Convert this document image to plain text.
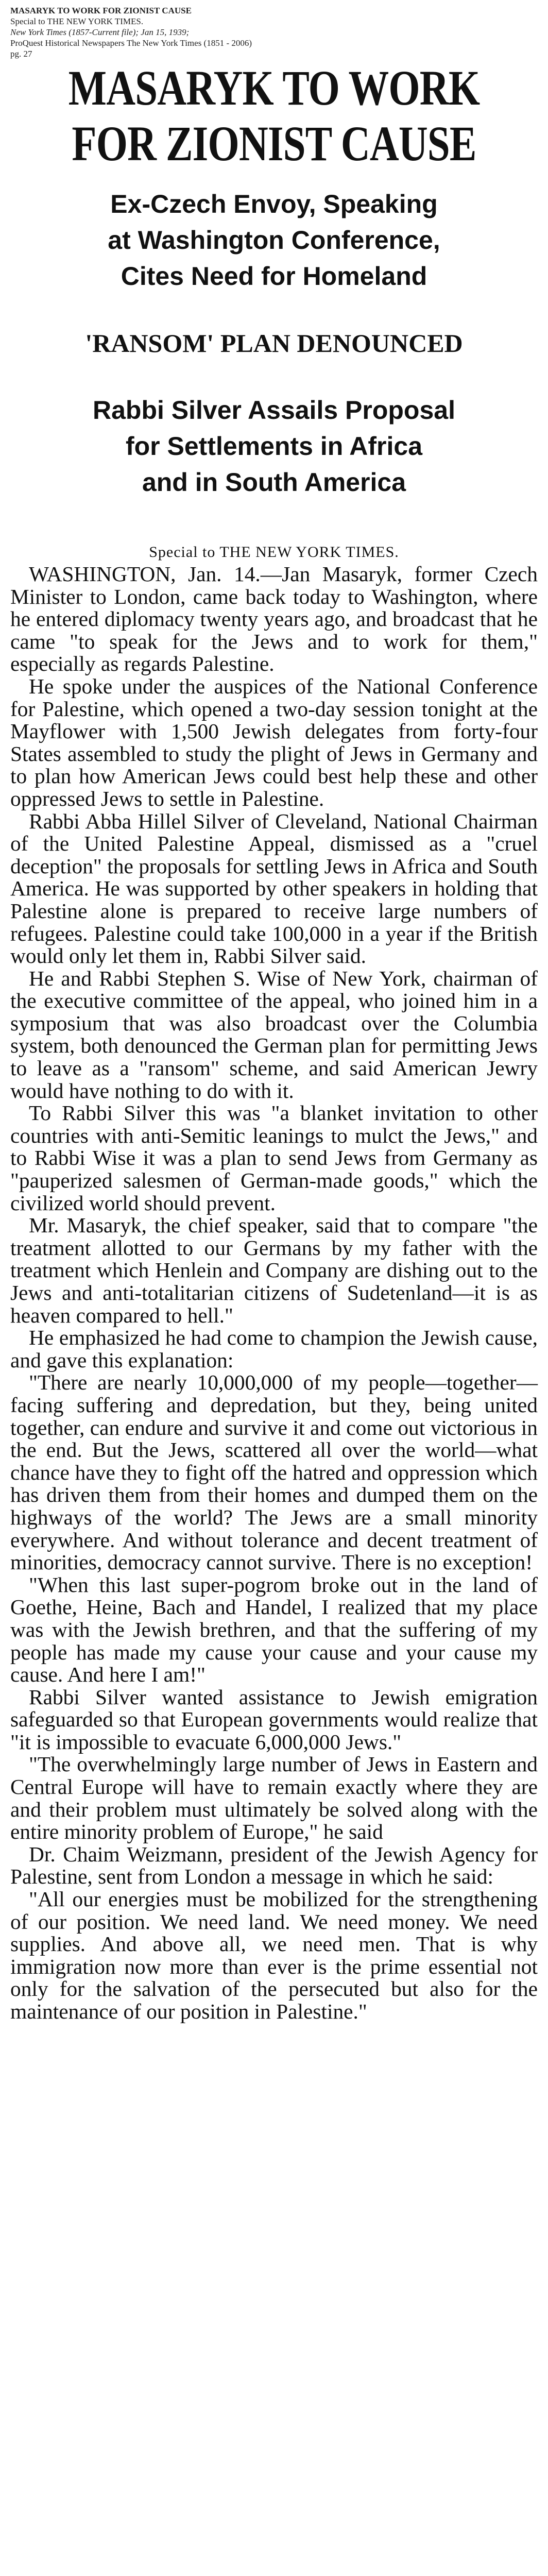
MASARYK TO WORK FOR ZIONIST CAUSE
Special to THE NEW YORK TIMES.
New York Times (1857-Current file); Jan 15, 1939;
ProQuest Historical Newspapers The New York Times (1851 - 2006)
pg. 27
MASARYK TO WORK
FOR ZIONIST CAUSE
Ex-Czech Envoy, Speaking
at Washington Conference,
Cites Need for Homeland
'RANSOM' PLAN DENOUNCED
Rabbi Silver Assails Proposal
for Settlements in Africa
and in South America
Special to THE NEW YORK TIMES.

WASHINGTON, Jan. 14.—Jan Masaryk, former Czech Minister to London, came back today to Washington, where he entered diplomacy twenty years ago, and broadcast that he came "to speak for the Jews and to work for them," especially as regards Palestine.

He spoke under the auspices of the National Conference for Palestine, which opened a two-day session tonight at the Mayflower with 1,500 Jewish delegates from forty-four States assembled to study the plight of Jews in Germany and to plan how American Jews could best help these and other oppressed Jews to settle in Palestine.

Rabbi Abba Hillel Silver of Cleveland, National Chairman of the United Palestine Appeal, dismissed as a "cruel deception" the proposals for settling Jews in Africa and South America. He was supported by other speakers in holding that Palestine alone is prepared to receive large numbers of refugees. Palestine could take 100,000 in a year if the British would only let them in, Rabbi Silver said.

He and Rabbi Stephen S. Wise of New York, chairman of the executive committee of the appeal, who joined him in a symposium that was also broadcast over the Columbia system, both denounced the German plan for permitting Jews to leave as a "ransom" scheme, and said American Jewry would have nothing to do with it.

To Rabbi Silver this was "a blanket invitation to other countries with anti-Semitic leanings to mulct the Jews," and to Rabbi Wise it was a plan to send Jews from Germany as "pauperized salesmen of German-made goods," which the civilized world should prevent.

Mr. Masaryk, the chief speaker, said that to compare "the treatment allotted to our Germans by my father with the treatment which Henlein and Company are dishing out to the Jews and anti-totalitarian citizens of Sudetenland—it is as heaven compared to hell."

He emphasized he had come to champion the Jewish cause, and gave this explanation:

"There are nearly 10,000,000 of my people—together—facing suffering and depredation, but they, being united together, can endure and survive it and come out victorious in the end. But the Jews, scattered all over the world—what chance have they to fight off the hatred and oppression which has driven them from their homes and dumped them on the highways of the world? The Jews are a small minority everywhere. And without tolerance and decent treatment of minorities, democracy cannot survive. There is no exception!

"When this last super-pogrom broke out in the land of Goethe, Heine, Bach and Handel, I realized that my place was with the Jewish brethren, and that the suffering of my people has made my cause your cause and your cause my cause. And here I am!"

Rabbi Silver wanted assistance to Jewish emigration safeguarded so that European governments would realize that "it is impossible to evacuate 6,000,000 Jews."

"The overwhelmingly large number of Jews in Eastern and Central Europe will have to remain exactly where they are and their problem must ultimately be solved along with the entire minority problem of Europe," he said

Dr. Chaim Weizmann, president of the Jewish Agency for Palestine, sent from London a message in which he said:

"All our energies must be mobilized for the strengthening of our position. We need land. We need money. We need supplies. And above all, we need men. That is why immigration now more than ever is the prime essential not only for the salvation of the persecuted but also for the maintenance of our position in Palestine."
